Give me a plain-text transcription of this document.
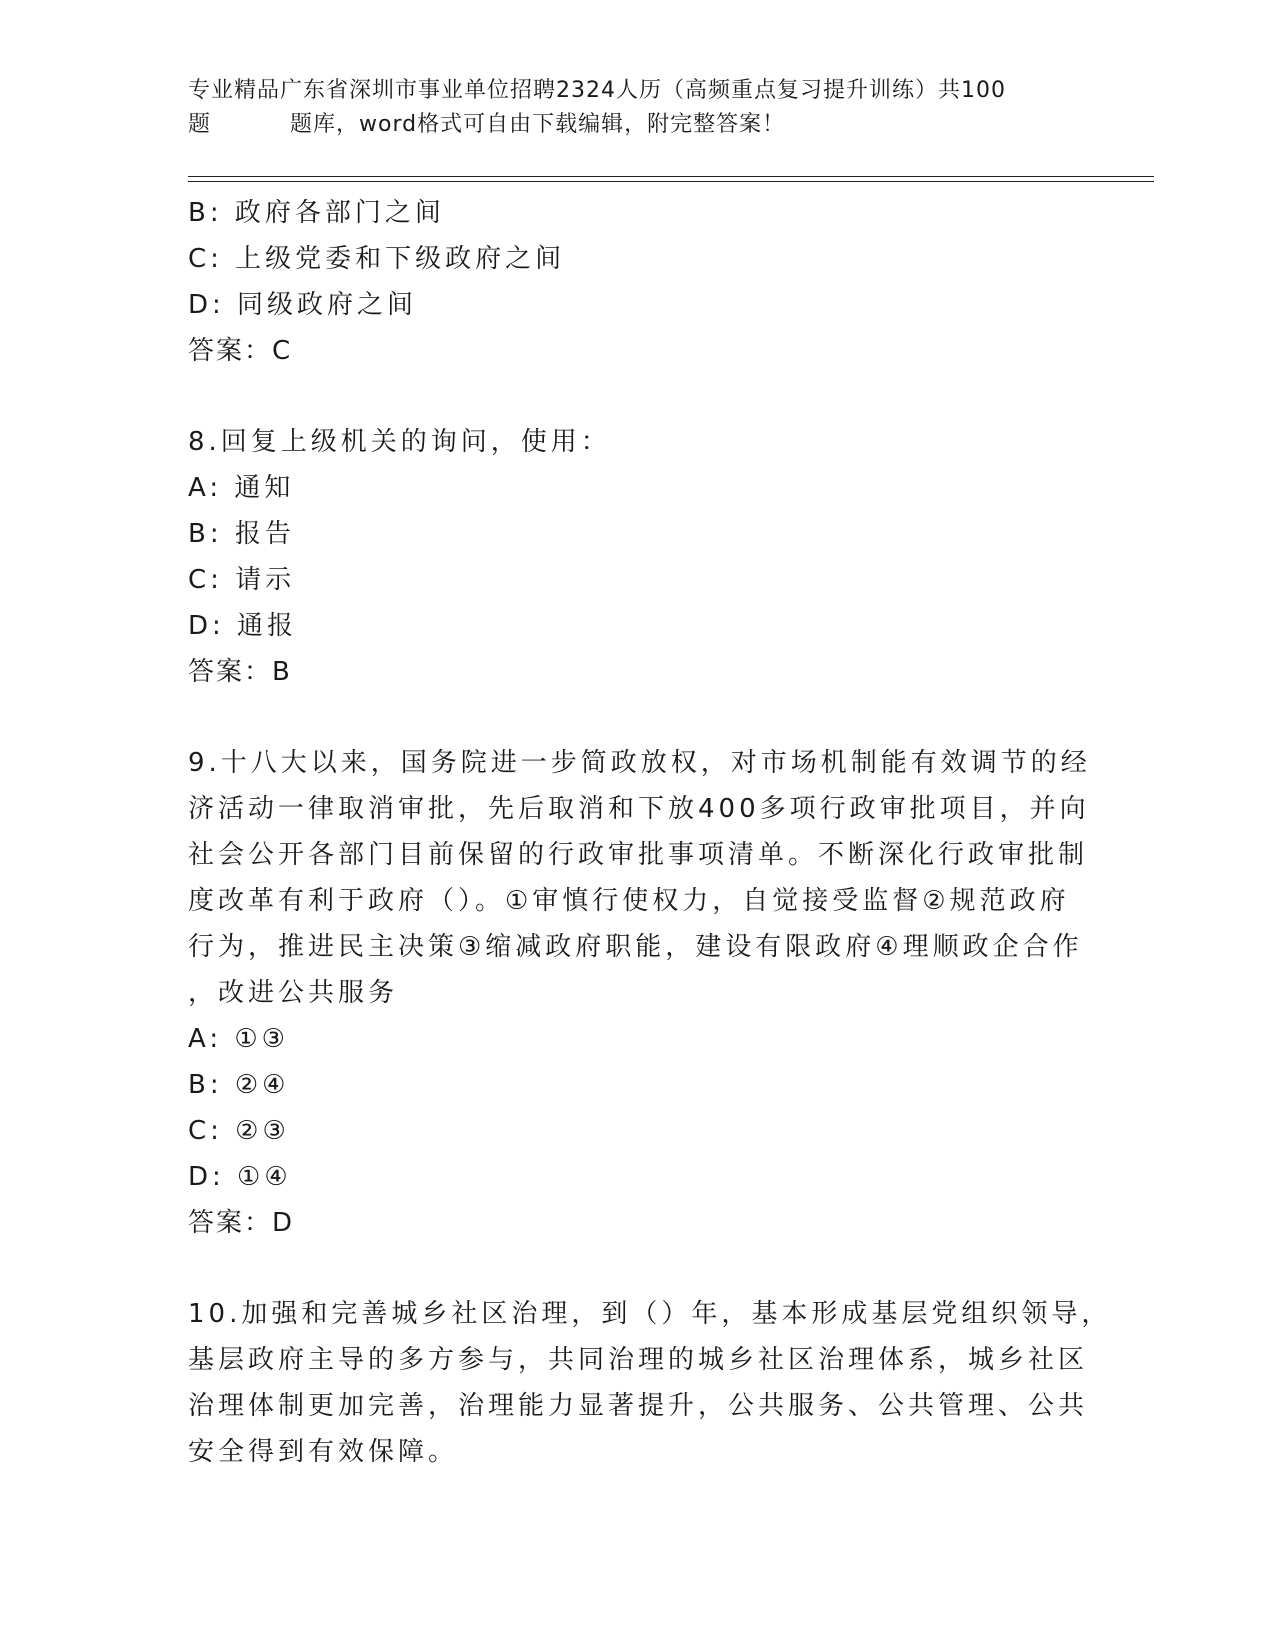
专业精品广东省深圳市事业单位招聘2324人历（高频重点复习提升训练）共100
题	题库，word格式可自由下载编辑，附完整答案！
B: 政府各部门之间
C: 上级党委和下级政府之间
D: 同级政府之间
答案：C
8.回复上级机关的询问，使用：
A: 通知
B: 报告
C: 请示
D: 通报
答案：B
9.十八大以来，国务院进一步简政放权，对市场机制能有效调节的经
济活动一律取消审批，先后取消和下放400多项行政审批项目，并向
社会公开各部门目前保留的行政审批事项清单。不断深化行政审批制
度改革有利于政府（）。①审慎行使权力，自觉接受监督②规范政府
行为，推进民主决策③缩减政府职能，建设有限政府④理顺政企合作
，改进公共服务
A: ①③
B: ②④
C: ②③
D: ①④
答案：D
10.加强和完善城乡社区治理，到（）年，基本形成基层党组织领导，
基层政府主导的多方参与，共同治理的城乡社区治理体系，城乡社区
治理体制更加完善，治理能力显著提升，公共服务、公共管理、公共
安全得到有效保障。
